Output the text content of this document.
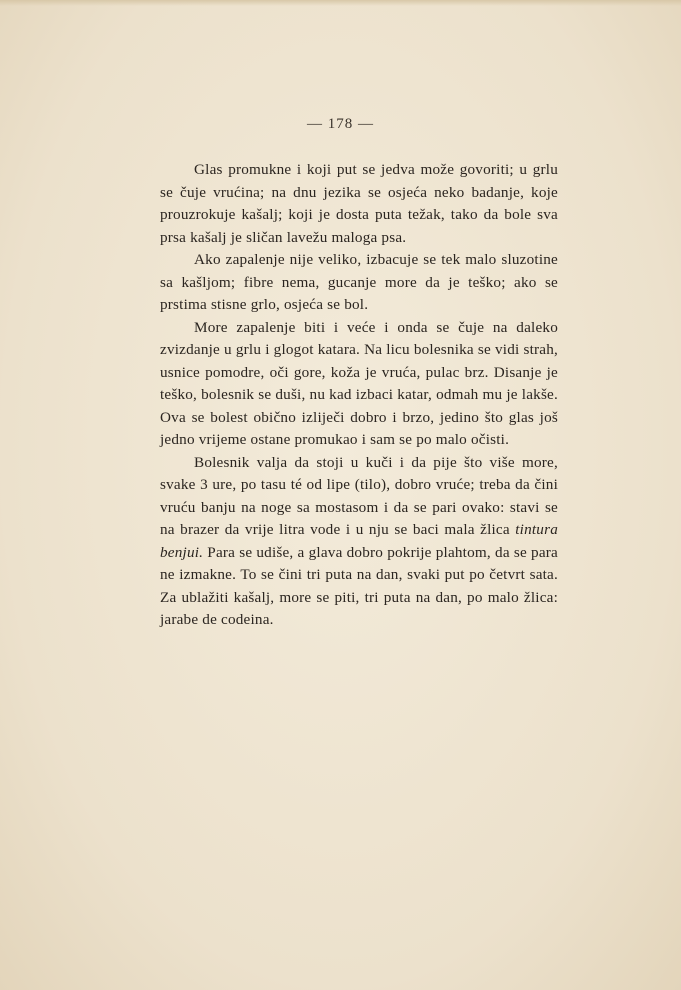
— 178 —

Glas promukne i koji put se jedva može govoriti; u grlu se čuje vrućina; na dnu jezika se osjeća neko badanje, koje prouzrokuje kašalj; koji je dosta puta težak, tako da bole sva prsa kašalj je sličan lavežu maloga psa.

Ako zapalenje nije veliko, izbacuje se tek malo sluzotine sa kašljom; fibre nema, gucanje more da je teško; ako se prstima stisne grlo, osjeća se bol.

More zapalenje biti i veće i onda se čuje na daleko zvizdanje u grlu i glogot katara. Na licu bolesnika se vidi strah, usnice pomodre, oči gore, koža je vruća, pulac brz. Disanje je teško, bolesnik se duši, nu kad izbaci katar, odmah mu je lakše. Ova se bolest obično izliječi dobro i brzo, jedino što glas još jedno vrijeme ostane promukao i sam se po malo očisti.

Bolesnik valja da stoji u kuči i da pije što više more, svake 3 ure, po tasu té od lipe (tilo), dobro vruće; treba da čini vruću banju na noge sa mostasom i da se pari ovako: stavi se na brazer da vrije litra vode i u nju se baci mala žlica tintura benjui. Para se udiše, a glava dobro pokrije plahtom, da se para ne izmakne. To se čini tri puta na dan, svaki put po četvrt sata. Za ublažiti kašalj, more se piti, tri puta na dan, po malo žlica: jarabe de codeina.
